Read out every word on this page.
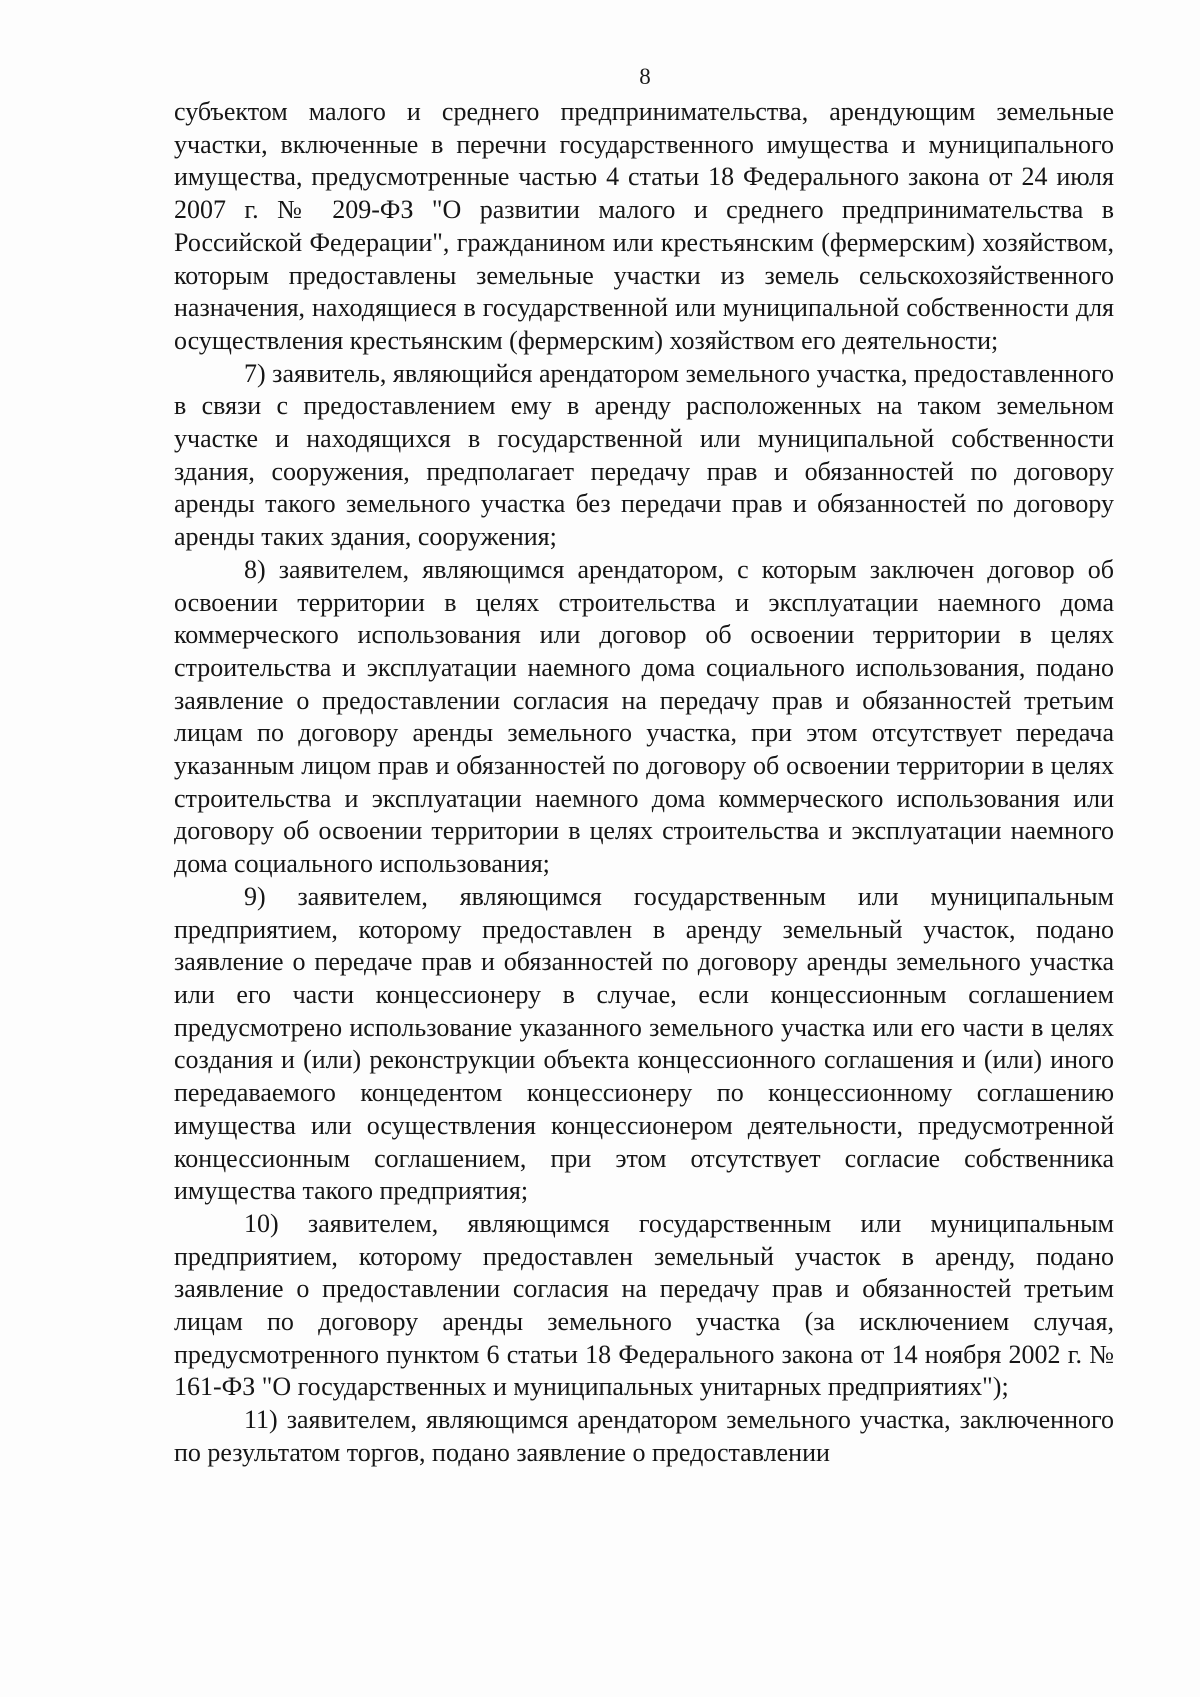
8

субъектом малого и среднего предпринимательства, арендующим земельные участки, включенные в перечни государственного имущества и муниципального имущества, предусмотренные частью 4 статьи 18 Федерального закона от 24 июля 2007 г. № 209-ФЗ "О развитии малого и среднего предпринимательства в Российской Федерации", гражданином или крестьянским (фермерским) хозяйством, которым предоставлены земельные участки из земель сельскохозяйственного назначения, находящиеся в государственной или муниципальной собственности для осуществления крестьянским (фермерским) хозяйством его деятельности;

7) заявитель, являющийся арендатором земельного участка, предоставленного в связи с предоставлением ему в аренду расположенных на таком земельном участке и находящихся в государственной или муниципальной собственности здания, сооружения, предполагает передачу прав и обязанностей по договору аренды такого земельного участка без передачи прав и обязанностей по договору аренды таких здания, сооружения;

8) заявителем, являющимся арендатором, с которым заключен договор об освоении территории в целях строительства и эксплуатации наемного дома коммерческого использования или договор об освоении территории в целях строительства и эксплуатации наемного дома социального использования, подано заявление о предоставлении согласия на передачу прав и обязанностей третьим лицам по договору аренды земельного участка, при этом отсутствует передача указанным лицом прав и обязанностей по договору об освоении территории в целях строительства и эксплуатации наемного дома коммерческого использования или договору об освоении территории в целях строительства и эксплуатации наемного дома социального использования;

9) заявителем, являющимся государственным или муниципальным предприятием, которому предоставлен в аренду земельный участок, подано заявление о передаче прав и обязанностей по договору аренды земельного участка или его части концессионеру в случае, если концессионным соглашением предусмотрено использование указанного земельного участка или его части в целях создания и (или) реконструкции объекта концессионного соглашения и (или) иного передаваемого концедентом концессионеру по концессионному соглашению имущества или осуществления концессионером деятельности, предусмотренной концессионным соглашением, при этом отсутствует согласие собственника имущества такого предприятия;

10) заявителем, являющимся государственным или муниципальным предприятием, которому предоставлен земельный участок в аренду, подано заявление о предоставлении согласия на передачу прав и обязанностей третьим лицам по договору аренды земельного участка (за исключением случая, предусмотренного пунктом 6 статьи 18 Федерального закона от 14 ноября 2002 г. № 161-ФЗ "О государственных и муниципальных унитарных предприятиях");

11) заявителем, являющимся арендатором земельного участка, заключенного по результатом торгов, подано заявление о предоставлении
